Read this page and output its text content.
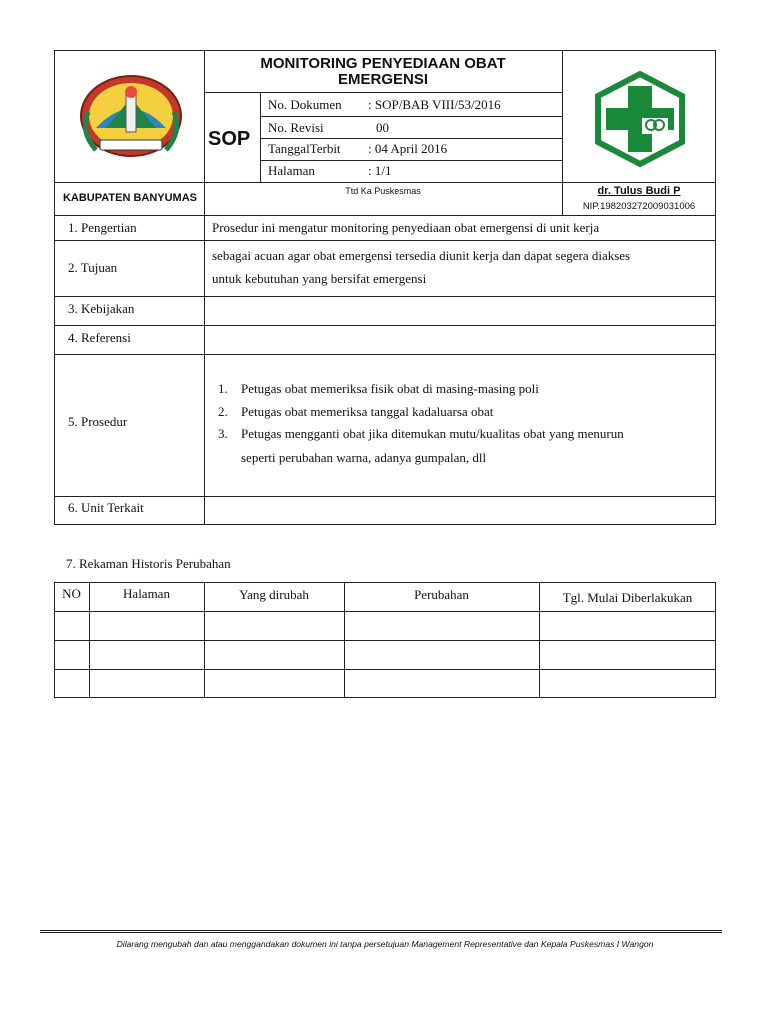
MONITORING PENYEDIAAN OBAT EMERGENSI
SOP
No. Dokumen : SOP/BAB VIII/53/2016
No. Revisi	00
TanggalTerbit : 04 April 2016
Halaman	: 1/1
KABUPATEN BANYUMAS
Ttd Ka Puskesmas	dr. Tulus Budi P
NIP.198203272009031006
1. Pengertian	Prosedur ini mengatur monitoring penyediaan obat emergensi di unit kerja
2. Tujuan
sebagai acuan agar obat emergensi tersedia diunit kerja dan dapat segera diakses
untuk kebutuhan yang bersifat emergensi
3. Kebijakan
4. Referensi
5. Prosedur
1. Petugas obat memeriksa fisik obat di masing-masing poli
2. Petugas obat memeriksa tanggal kadaluarsa obat
3. Petugas mengganti obat jika ditemukan mutu/kualitas obat yang menurun
seperti perubahan warna, adanya gumpalan, dll
6. Unit Terkait
7. Rekaman Historis Perubahan
NO	Halaman	Yang dirubah	Perubahan	Tgl. Mulai Diberlakukan
Dilarang mengubah dan atau menggandakan dokumen ini tanpa persetujuan Management Representative dan Kepala Puskesmas I Wangon
